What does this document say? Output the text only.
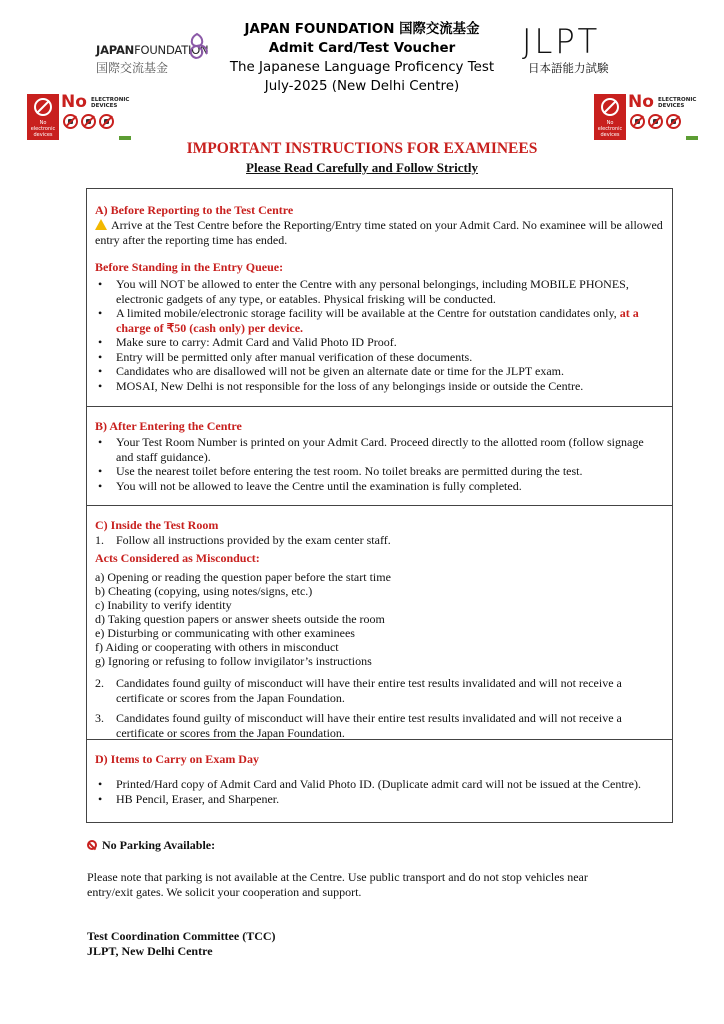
JAPANFOUNDATION
国際交流基金
JAPAN FOUNDATION 国際交流基金
Admit Card/Test Voucher
The Japanese Language Proficency Test
July-2025 (New Delhi Centre)
JLPT
日本語能力試験
No electronic devices
No ELECTRONIC
DEVICES
No electronic devices
No ELECTRONIC
DEVICES
IMPORTANT INSTRUCTIONS FOR EXAMINEES
Please Read Carefully and Follow Strictly
A) Before Reporting to the Test Centre
Arrive at the Test Centre before the Reporting/Entry time stated on your Admit Card. No examinee will be allowed entry after the reporting time has ended.
Before Standing in the Entry Queue:
• You will NOT be allowed to enter the Centre with any personal belongings, including MOBILE PHONES, electronic gadgets of any type, or eatables. Physical frisking will be conducted.
• A limited mobile/electronic storage facility will be available at the Centre for outstation candidates only, at a charge of ₹50 (cash only) per device.
• Make sure to carry: Admit Card and Valid Photo ID Proof.
• Entry will be permitted only after manual verification of these documents.
• Candidates who are disallowed will not be given an alternate date or time for the JLPT exam.
• MOSAI, New Delhi is not responsible for the loss of any belongings inside or outside the Centre.
B) After Entering the Centre
• Your Test Room Number is printed on your Admit Card. Proceed directly to the allotted room (follow signage and staff guidance).
• Use the nearest toilet before entering the test room. No toilet breaks are permitted during the test.
• You will not be allowed to leave the Centre until the examination is fully completed.
C) Inside the Test Room
1. Follow all instructions provided by the exam center staff.
Acts Considered as Misconduct:
a) Opening or reading the question paper before the start time
b) Cheating (copying, using notes/signs, etc.)
c) Inability to verify identity
d) Taking question papers or answer sheets outside the room
e) Disturbing or communicating with other examinees
f) Aiding or cooperating with others in misconduct
g) Ignoring or refusing to follow invigilator’s instructions
2. Candidates found guilty of misconduct will have their entire test results invalidated and will not receive a certificate or scores from the Japan Foundation.
3. Candidates found guilty of misconduct will have their entire test results invalidated and will not receive a certificate or scores from the Japan Foundation.
D) Items to Carry on Exam Day
• Printed/Hard copy of Admit Card and Valid Photo ID. (Duplicate admit card will not be issued at the Centre).
• HB Pencil, Eraser, and Sharpener.
No Parking Available:
Please note that parking is not available at the Centre. Use public transport and do not stop vehicles near entry/exit gates. We solicit your cooperation and support.
Test Coordination Committee (TCC)
JLPT, New Delhi Centre
